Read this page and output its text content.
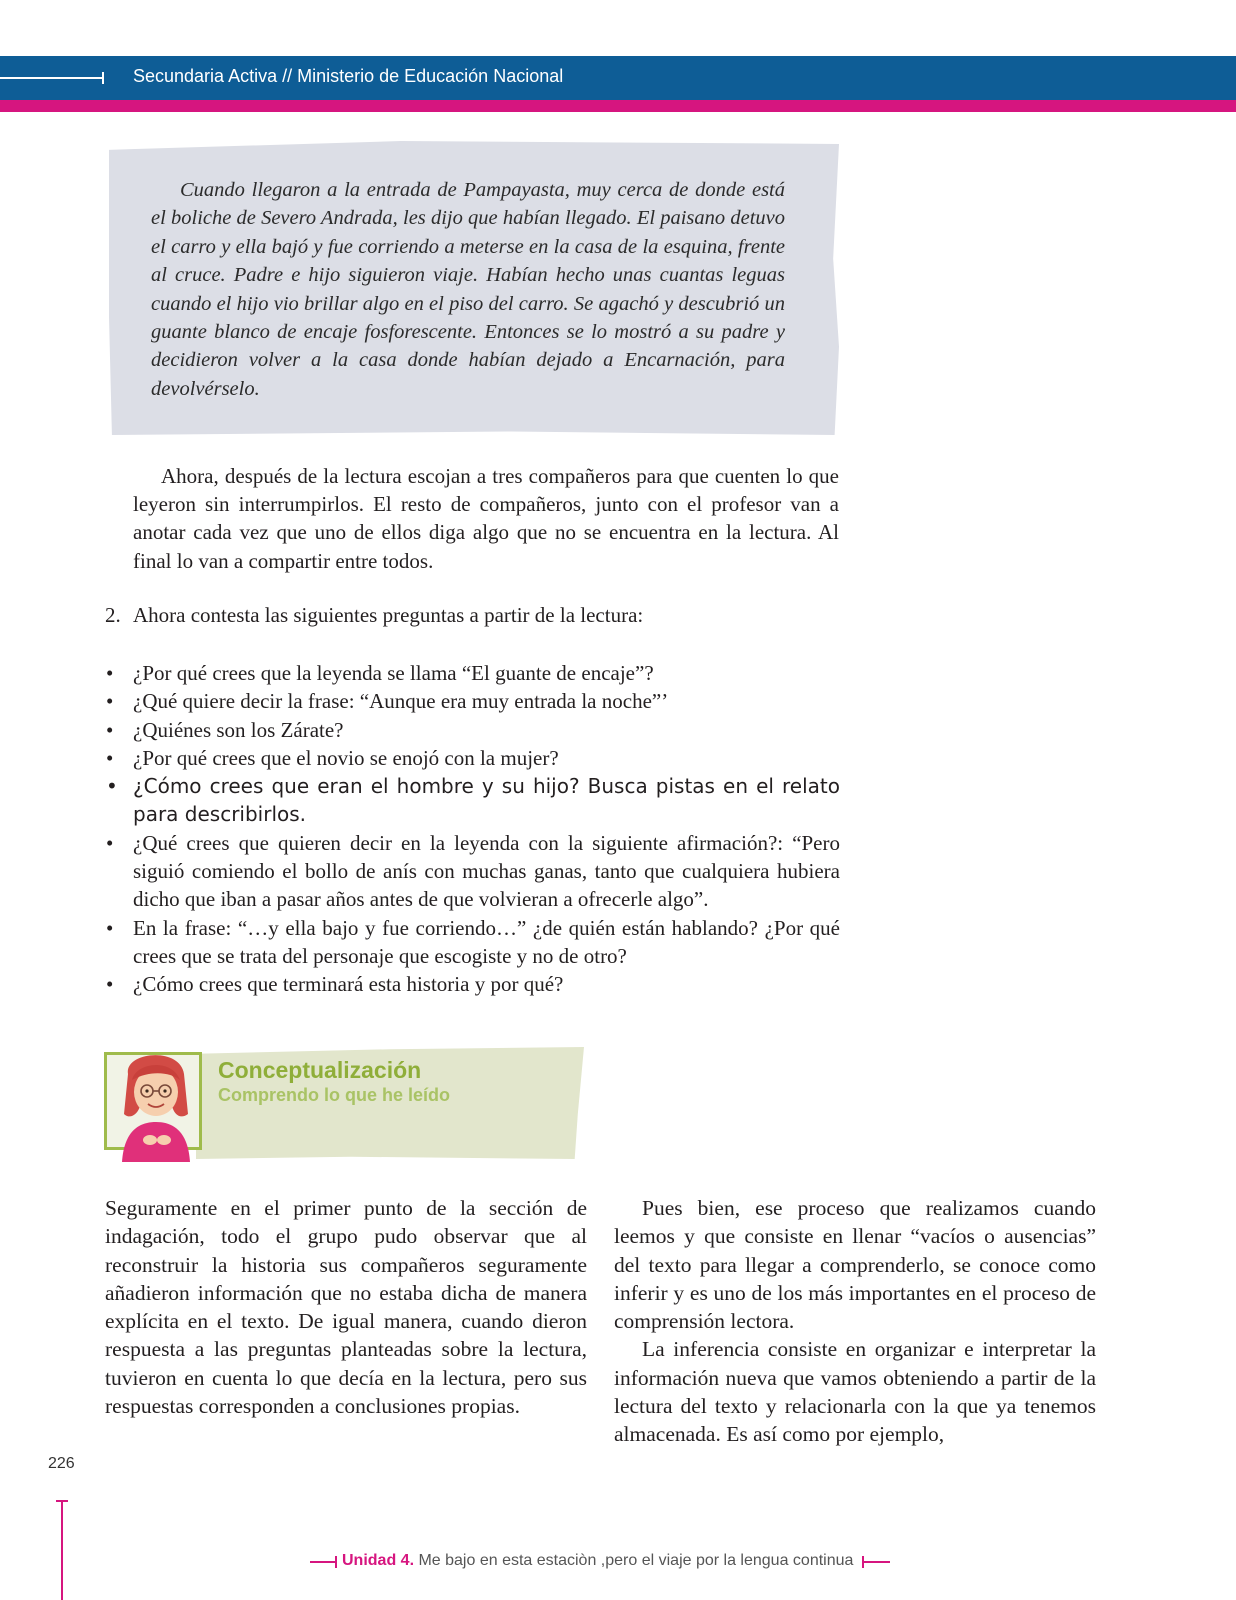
Secundaria Activa // Ministerio de Educación Nacional

Cuando llegaron a la entrada de Pampayasta, muy cerca de donde está el boliche de Severo Andrada, les dijo que habían llegado. El paisano detuvo el carro y ella bajó y fue corriendo a meterse en la casa de la esquina, frente al cruce. Padre e hijo siguieron viaje. Habían hecho unas cuantas leguas cuando el hijo vio brillar algo en el piso del carro. Se agachó y descubrió un guante blanco de encaje fosforescente. Entonces se lo mostró a su padre y decidieron volver a la casa donde habían dejado a Encarnación, para devolvérselo.

Ahora, después de la lectura escojan a tres compañeros para que cuenten lo que leyeron sin interrumpirlos. El resto de compañeros, junto con el profesor van a anotar cada vez que uno de ellos diga algo que no se encuentra en la lectura. Al final lo van a compartir entre todos.

2. Ahora contesta las siguientes preguntas a partir de la lectura:
• ¿Por qué crees que la leyenda se llama “El guante de encaje”?
• ¿Qué quiere decir la frase: “Aunque era muy entrada la noche”’
• ¿Quiénes son los Zárate?
• ¿Por qué crees que el novio se enojó con la mujer?
• ¿Cómo crees que eran el hombre y su hijo? Busca pistas en el relato para describirlos.
• ¿Qué crees que quieren decir en la leyenda con la siguiente afirmación?: “Pero siguió comiendo el bollo de anís con muchas ganas, tanto que cualquiera hubiera dicho que iban a pasar años antes de que volvieran a ofrecerle algo”.
• En la frase: “…y ella bajo y fue corriendo…” ¿de quién están hablando? ¿Por qué crees que se trata del personaje que escogiste y no de otro?
• ¿Cómo crees que terminará esta historia y por qué?
Conceptualización
Comprendo lo que he leído

Seguramente en el primer punto de la sección de indagación, todo el grupo pudo observar que al reconstruir la historia sus compañeros seguramente añadieron información que no estaba dicha de manera explícita en el texto. De igual manera, cuando dieron respuesta a las preguntas planteadas sobre la lectura, tuvieron en cuenta lo que decía en la lectura, pero sus respuestas corresponden a conclusiones propias.

Pues bien, ese proceso que realizamos cuando leemos y que consiste en llenar “vacíos o ausencias” del texto para llegar a comprenderlo, se conoce como inferir y es uno de los más importantes en el proceso de comprensión lectora.

La inferencia consiste en organizar e interpretar la información nueva que vamos obteniendo a partir de la lectura del texto y relacionarla con la que ya tenemos almacenada. Es así como por ejemplo,

226
Unidad 4. Me bajo en esta estaciòn ,pero el viaje por la lengua continua
